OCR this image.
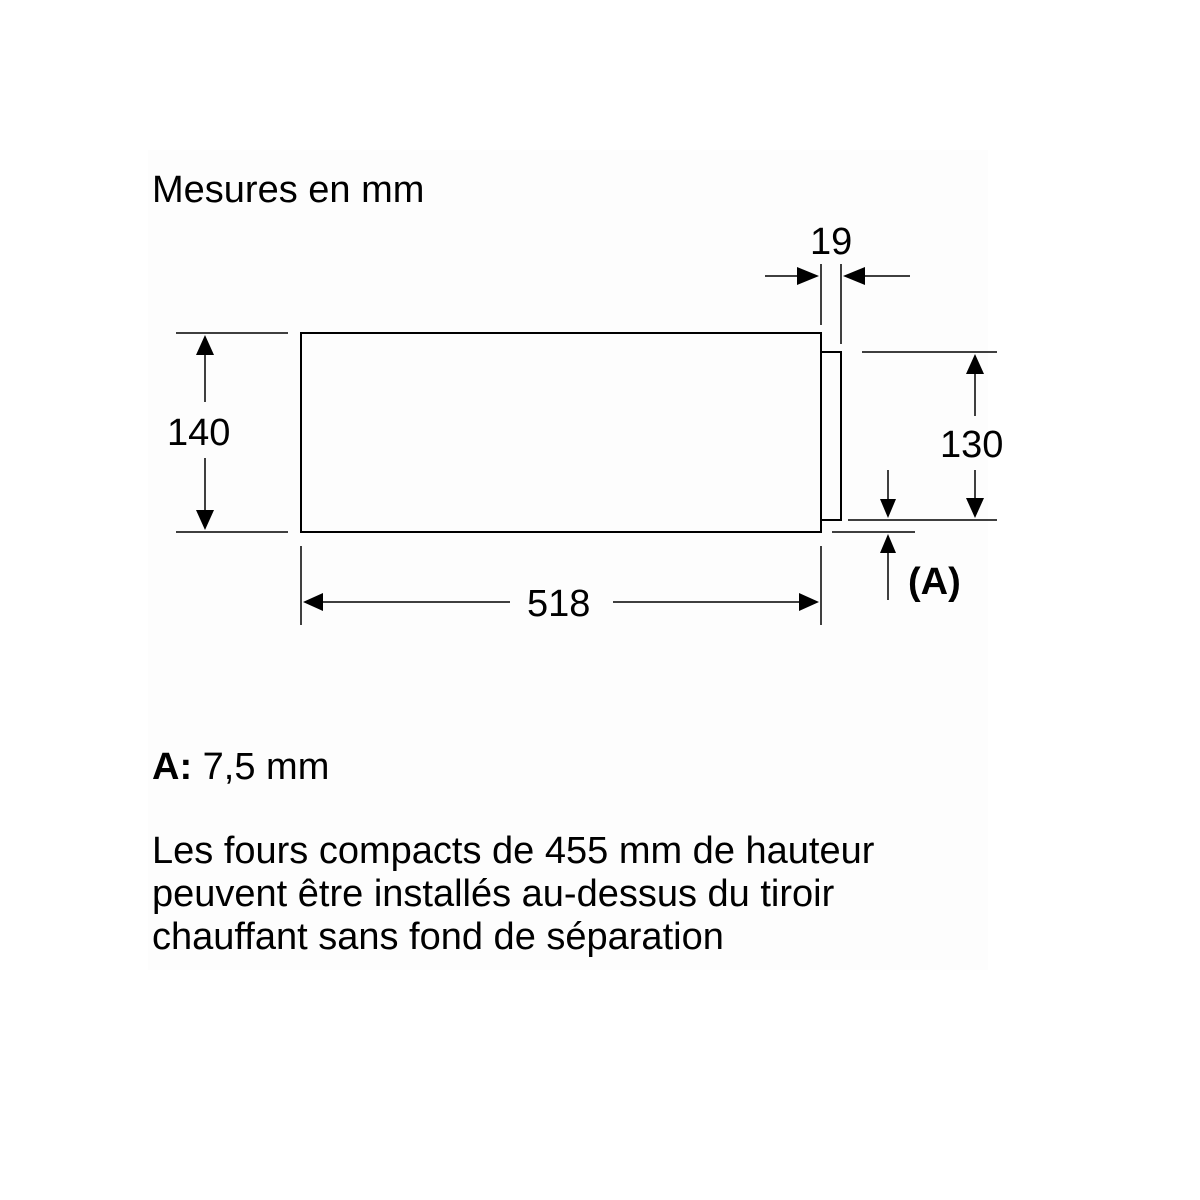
Mesures en mm
19
140	130
518
(A)
A: 7,5 mm
Les fours compacts de 455 mm de hauteur
peuvent être installés au-dessus du tiroir
chauffant sans fond de séparation
